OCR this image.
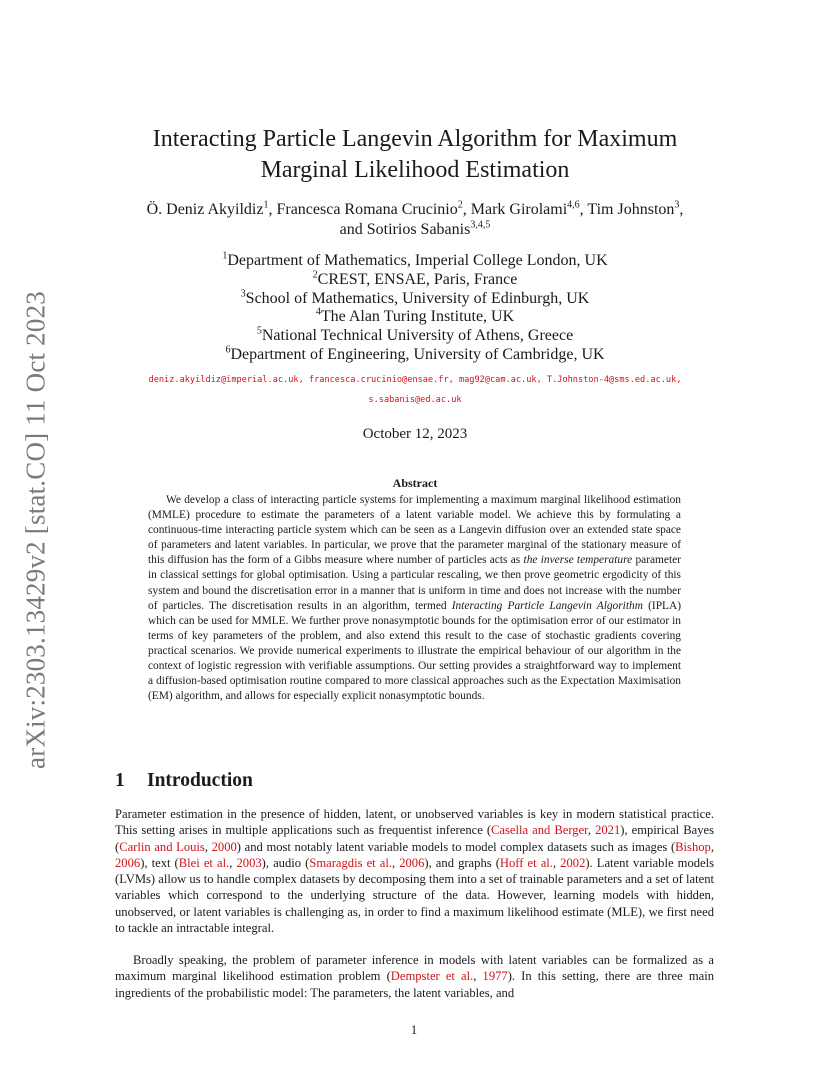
arXiv:2303.13429v2 [stat.CO] 11 Oct 2023
Interacting Particle Langevin Algorithm for Maximum Marginal Likelihood Estimation
Ö. Deniz Akyildiz$^1$, Francesca Romana Crucinio$^2$, Mark Girolami$^{4,6}$, Tim Johnston$^3$,
and Sotirios Sabanis$^{3,4,5}$
$^1$Department of Mathematics, Imperial College London, UK
$^2$CREST, ENSAE, Paris, France
$^3$School of Mathematics, University of Edinburgh, UK
$^4$The Alan Turing Institute, UK
$^5$National Technical University of Athens, Greece
$^6$Department of Engineering, University of Cambridge, UK
deniz.akyildiz@imperial.ac.uk, francesca.crucinio@ensae.fr, mag92@cam.ac.uk, T.Johnston-4@sms.ed.ac.uk,
s.sabanis@ed.ac.uk
October 12, 2023
Abstract

We develop a class of interacting particle systems for implementing a maximum marginal likelihood estimation (MMLE) procedure to estimate the parameters of a latent variable model. We achieve this by formulating a continuous-time interacting particle system which can be seen as a Langevin diffusion over an extended state space of parameters and latent variables. In particular, we prove that the parameter marginal of the stationary measure of this diffusion has the form of a Gibbs measure where number of particles acts as the inverse temperature parameter in classical settings for global optimisation. Using a particular rescaling, we then prove geometric ergodicity of this system and bound the discretisation error in a manner that is uniform in time and does not increase with the number of particles. The discretisation results in an algorithm, termed Interacting Particle Langevin Algorithm (IPLA) which can be used for MMLE. We further prove nonasymptotic bounds for the optimisation error of our estimator in terms of key parameters of the problem, and also extend this result to the case of stochastic gradients covering practical scenarios. We provide numerical experiments to illustrate the empirical behaviour of our algorithm in the context of logistic regression with verifiable assumptions. Our setting provides a straightforward way to implement a diffusion-based optimisation routine compared to more classical approaches such as the Expectation Maximisation (EM) algorithm, and allows for especially explicit nonasymptotic bounds.

1 Introduction

Parameter estimation in the presence of hidden, latent, or unobserved variables is key in modern statistical practice. This setting arises in multiple applications such as frequentist inference (Casella and Berger, 2021), empirical Bayes (Carlin and Louis, 2000) and most notably latent variable models to model complex datasets such as images (Bishop, 2006), text (Blei et al., 2003), audio (Smaragdis et al., 2006), and graphs (Hoff et al., 2002). Latent variable models (LVMs) allow us to handle complex datasets by decomposing them into a set of trainable parameters and a set of latent variables which correspond to the underlying structure of the data. However, learning models with hidden, unobserved, or latent variables is challenging as, in order to find a maximum likelihood estimate (MLE), we first need to tackle an intractable integral.

Broadly speaking, the problem of parameter inference in models with latent variables can be formalized as a maximum marginal likelihood estimation problem (Dempster et al., 1977). In this setting, there are three main ingredients of the probabilistic model: The parameters, the latent variables, and

1
